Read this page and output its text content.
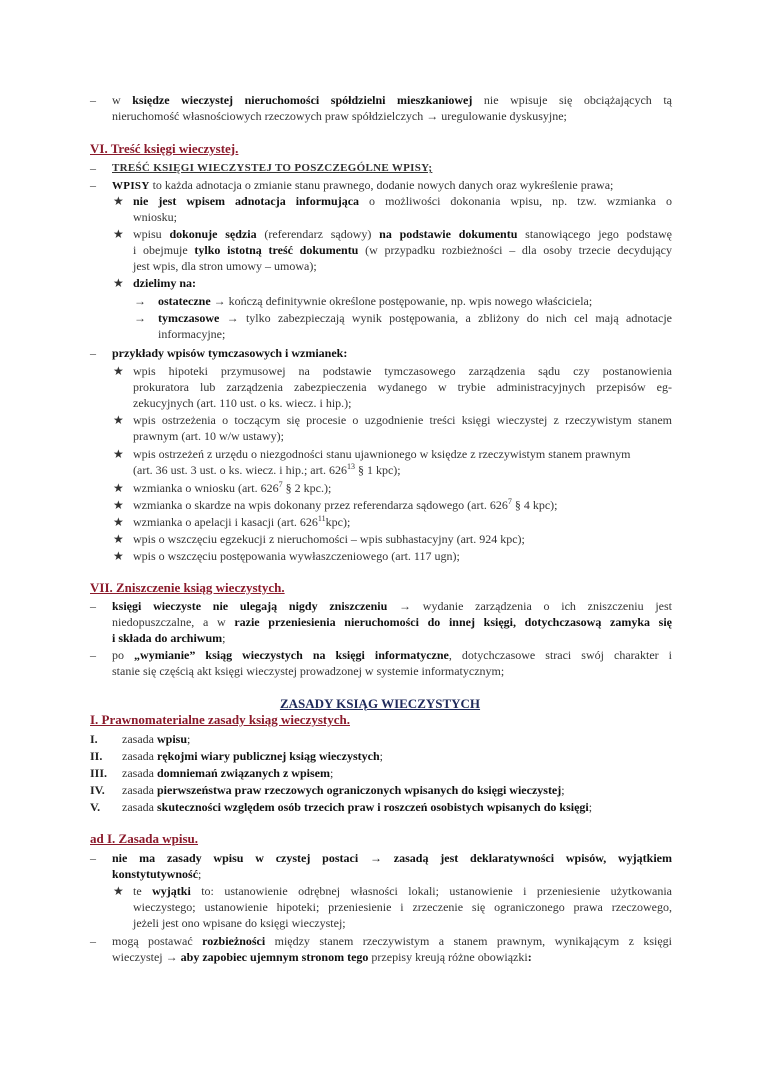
– w księdze wieczystej nieruchomości spółdzielni mieszkaniowej nie wpisuje się obciążających tą

nieruchomość własnościowych rzeczowych praw spółdzielczych → uregulowanie dyskusyjne;

VI. Treść księgi wieczystej.

– TREŚĆ KSIĘGI WIECZYSTEJ TO POSZCZEGÓLNE WPISY;

– WPISY to każda adnotacja o zmianie stanu prawnego, dodanie nowych danych oraz wykreślenie prawa;

★ nie jest wpisem adnotacja informująca o możliwości dokonania wpisu, np. tzw. wzmianka o

wniosku;

★ wpisu dokonuje sędzia (referendarz sądowy) na podstawie dokumentu stanowiącego jego podstawę

i obejmuje tylko istotną treść dokumentu (w przypadku rozbieżności – dla osoby trzecie decydujący

jest wpis, dla stron umowy – umowa);

★ dzielimy na:

→ ostateczne → kończą definitywnie określone postępowanie, np. wpis nowego właściciela;

→ tymczasowe → tylko zabezpieczają wynik postępowania, a zbliżony do nich cel mają adnotacje

informacyjne;

– przykłady wpisów tymczasowych i wzmianek:

★ wpis hipoteki przymusowej na podstawie tymczasowego zarządzenia sądu czy postanowienia

prokuratora lub zarządzenia zabezpieczenia wydanego w trybie administracyjnych przepisów eg-

zekucyjnych (art. 110 ust. o ks. wiecz. i hip.);

★ wpis ostrzeżenia o toczącym się procesie o uzgodnienie treści księgi wieczystej z rzeczywistym stanem

prawnym (art. 10 w/w ustawy);

★ wpis ostrzeżeń z urzędu o niezgodności stanu ujawnionego w księdze z rzeczywistym stanem prawnym

(art. 36 ust. 3 ust. o ks. wiecz. i hip.; art. $626^{13}$ § 1 kpc);

★ wzmianka o wniosku (art. $626^7$ § 2 kpc.);

★ wzmianka o skardze na wpis dokonany przez referendarza sądowego (art. $626^7$ § 4 kpc);

★ wzmianka o apelacji i kasacji (art. $626^{11}kpc$);

★ wpis o wszczęciu egzekucji z nieruchomości – wpis subhastacyjny (art. 924 kpc);

★ wpis o wszczęciu postępowania wywłaszczeniowego (art. 117 ugn);

VII. Zniszczenie ksiąg wieczystych.

– księgi wieczyste nie ulegają nigdy zniszczeniu → wydanie zarządzenia o ich zniszczeniu jest

niedopuszczalne, a w razie przeniesienia nieruchomości do innej księgi, dotychczasową zamyka się

i składa do archiwum;

– po „wymianie” ksiąg wieczystych na księgi informatyczne, dotychczasowe straci swój charakter i

stanie się częścią akt księgi wieczystej prowadzonej w systemie informatycznym;

ZASADY KSIĄG WIECZYSTYCH

I. Prawnomaterialne zasady ksiąg wieczystych.

I. zasada wpisu;

II. zasada rękojmi wiary publicznej ksiąg wieczystych;

III. zasada domniemań związanych z wpisem;

IV. zasada pierwszeństwa praw rzeczowych ograniczonych wpisanych do księgi wieczystej;

V. zasada skuteczności względem osób trzecich praw i roszczeń osobistych wpisanych do księgi;

ad I. Zasada wpisu.

– nie ma zasady wpisu w czystej postaci → zasadą jest deklaratywności wpisów, wyjątkiem

konstytutywność;

★ te wyjątki to: ustanowienie odrębnej własności lokali; ustanowienie i przeniesienie użytkowania

wieczystego; ustanowienie hipoteki; przeniesienie i zrzeczenie się ograniczonego prawa rzeczowego,

jeżeli jest ono wpisane do księgi wieczystej;

– mogą postawać rozbieżności między stanem rzeczywistym a stanem prawnym, wynikającym z księgi

wieczystej → aby zapobiec ujemnym stronom tego przepisy kreują różne obowiązki:
